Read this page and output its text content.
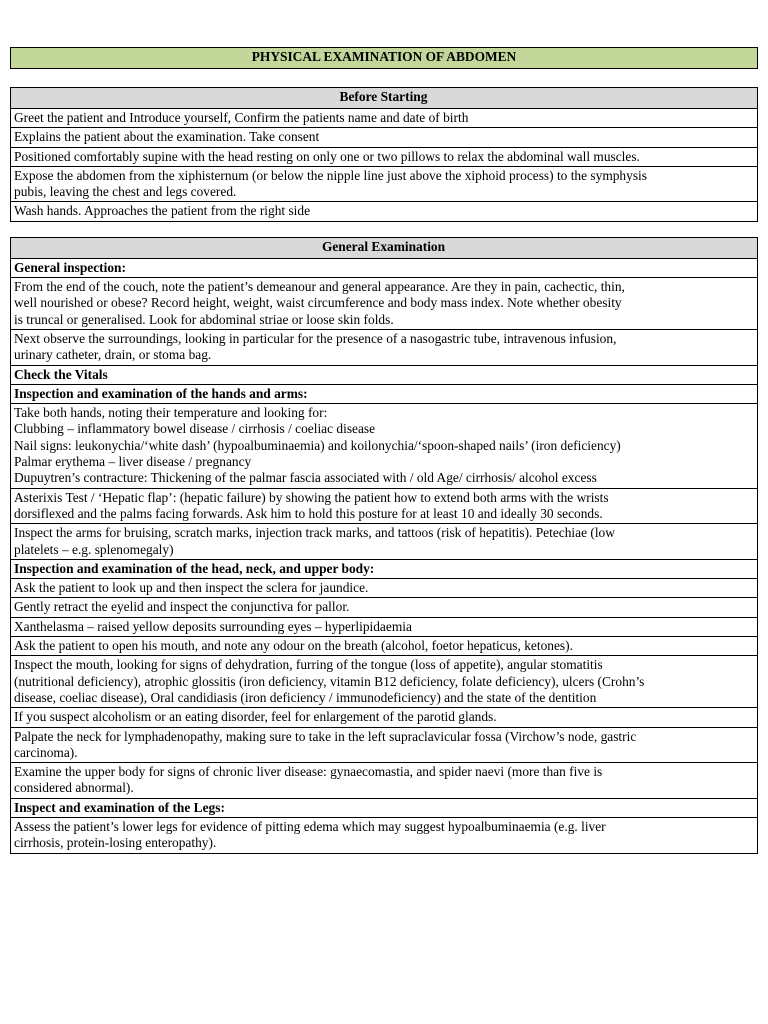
PHYSICAL EXAMINATION OF ABDOMEN
Before Starting
Greet the patient and Introduce yourself, Confirm the patients name and date of birth
Explains the patient about the examination. Take consent
Positioned comfortably supine with the head resting on only one or two pillows to relax the abdominal wall muscles.
Expose the abdomen from the xiphisternum (or below the nipple line just above the xiphoid process) to the symphysis
pubis, leaving the chest and legs covered.
Wash hands. Approaches the patient from the right side
General Examination
General inspection:
From the end of the couch, note the patient’s demeanour and general appearance. Are they in pain, cachectic, thin,
well nourished or obese? Record height, weight, waist circumference and body mass index. Note whether obesity
is truncal or generalised. Look for abdominal striae or loose skin folds.
Next observe the surroundings, looking in particular for the presence of a nasogastric tube, intravenous infusion,
urinary catheter, drain, or stoma bag.
Check the Vitals
Inspection and examination of the hands and arms:
Take both hands, noting their temperature and looking for:
Clubbing – inflammatory bowel disease / cirrhosis / coeliac disease
Nail signs: leukonychia/‘white dash’ (hypoalbuminaemia) and koilonychia/‘spoon-shaped nails’ (iron deficiency)
Palmar erythema – liver disease / pregnancy
Dupuytren’s contracture: Thickening of the palmar fascia associated with / old Age/ cirrhosis/ alcohol excess
Asterixis Test / ‘Hepatic flap’: (hepatic failure) by showing the patient how to extend both arms with the wrists
dorsiflexed and the palms facing forwards. Ask him to hold this posture for at least 10 and ideally 30 seconds.
Inspect the arms for bruising, scratch marks, injection track marks, and tattoos (risk of hepatitis). Petechiae (low
platelets – e.g. splenomegaly)
Inspection and examination of the head, neck, and upper body:
Ask the patient to look up and then inspect the sclera for jaundice.
Gently retract the eyelid and inspect the conjunctiva for pallor.
Xanthelasma – raised yellow deposits surrounding eyes – hyperlipidaemia
Ask the patient to open his mouth, and note any odour on the breath (alcohol, foetor hepaticus, ketones).
Inspect the mouth, looking for signs of dehydration, furring of the tongue (loss of appetite), angular stomatitis
(nutritional deficiency), atrophic glossitis (iron deficiency, vitamin B12 deficiency, folate deficiency), ulcers (Crohn’s
disease, coeliac disease), Oral candidiasis (iron deficiency / immunodeficiency) and the state of the dentition
If you suspect alcoholism or an eating disorder, feel for enlargement of the parotid glands.
Palpate the neck for lymphadenopathy, making sure to take in the left supraclavicular fossa (Virchow’s node, gastric
carcinoma).
Examine the upper body for signs of chronic liver disease: gynaecomastia, and spider naevi (more than five is
considered abnormal).
Inspect and examination of the Legs:
Assess the patient’s lower legs for evidence of pitting edema which may suggest hypoalbuminaemia (e.g. liver
cirrhosis, protein-losing enteropathy).
